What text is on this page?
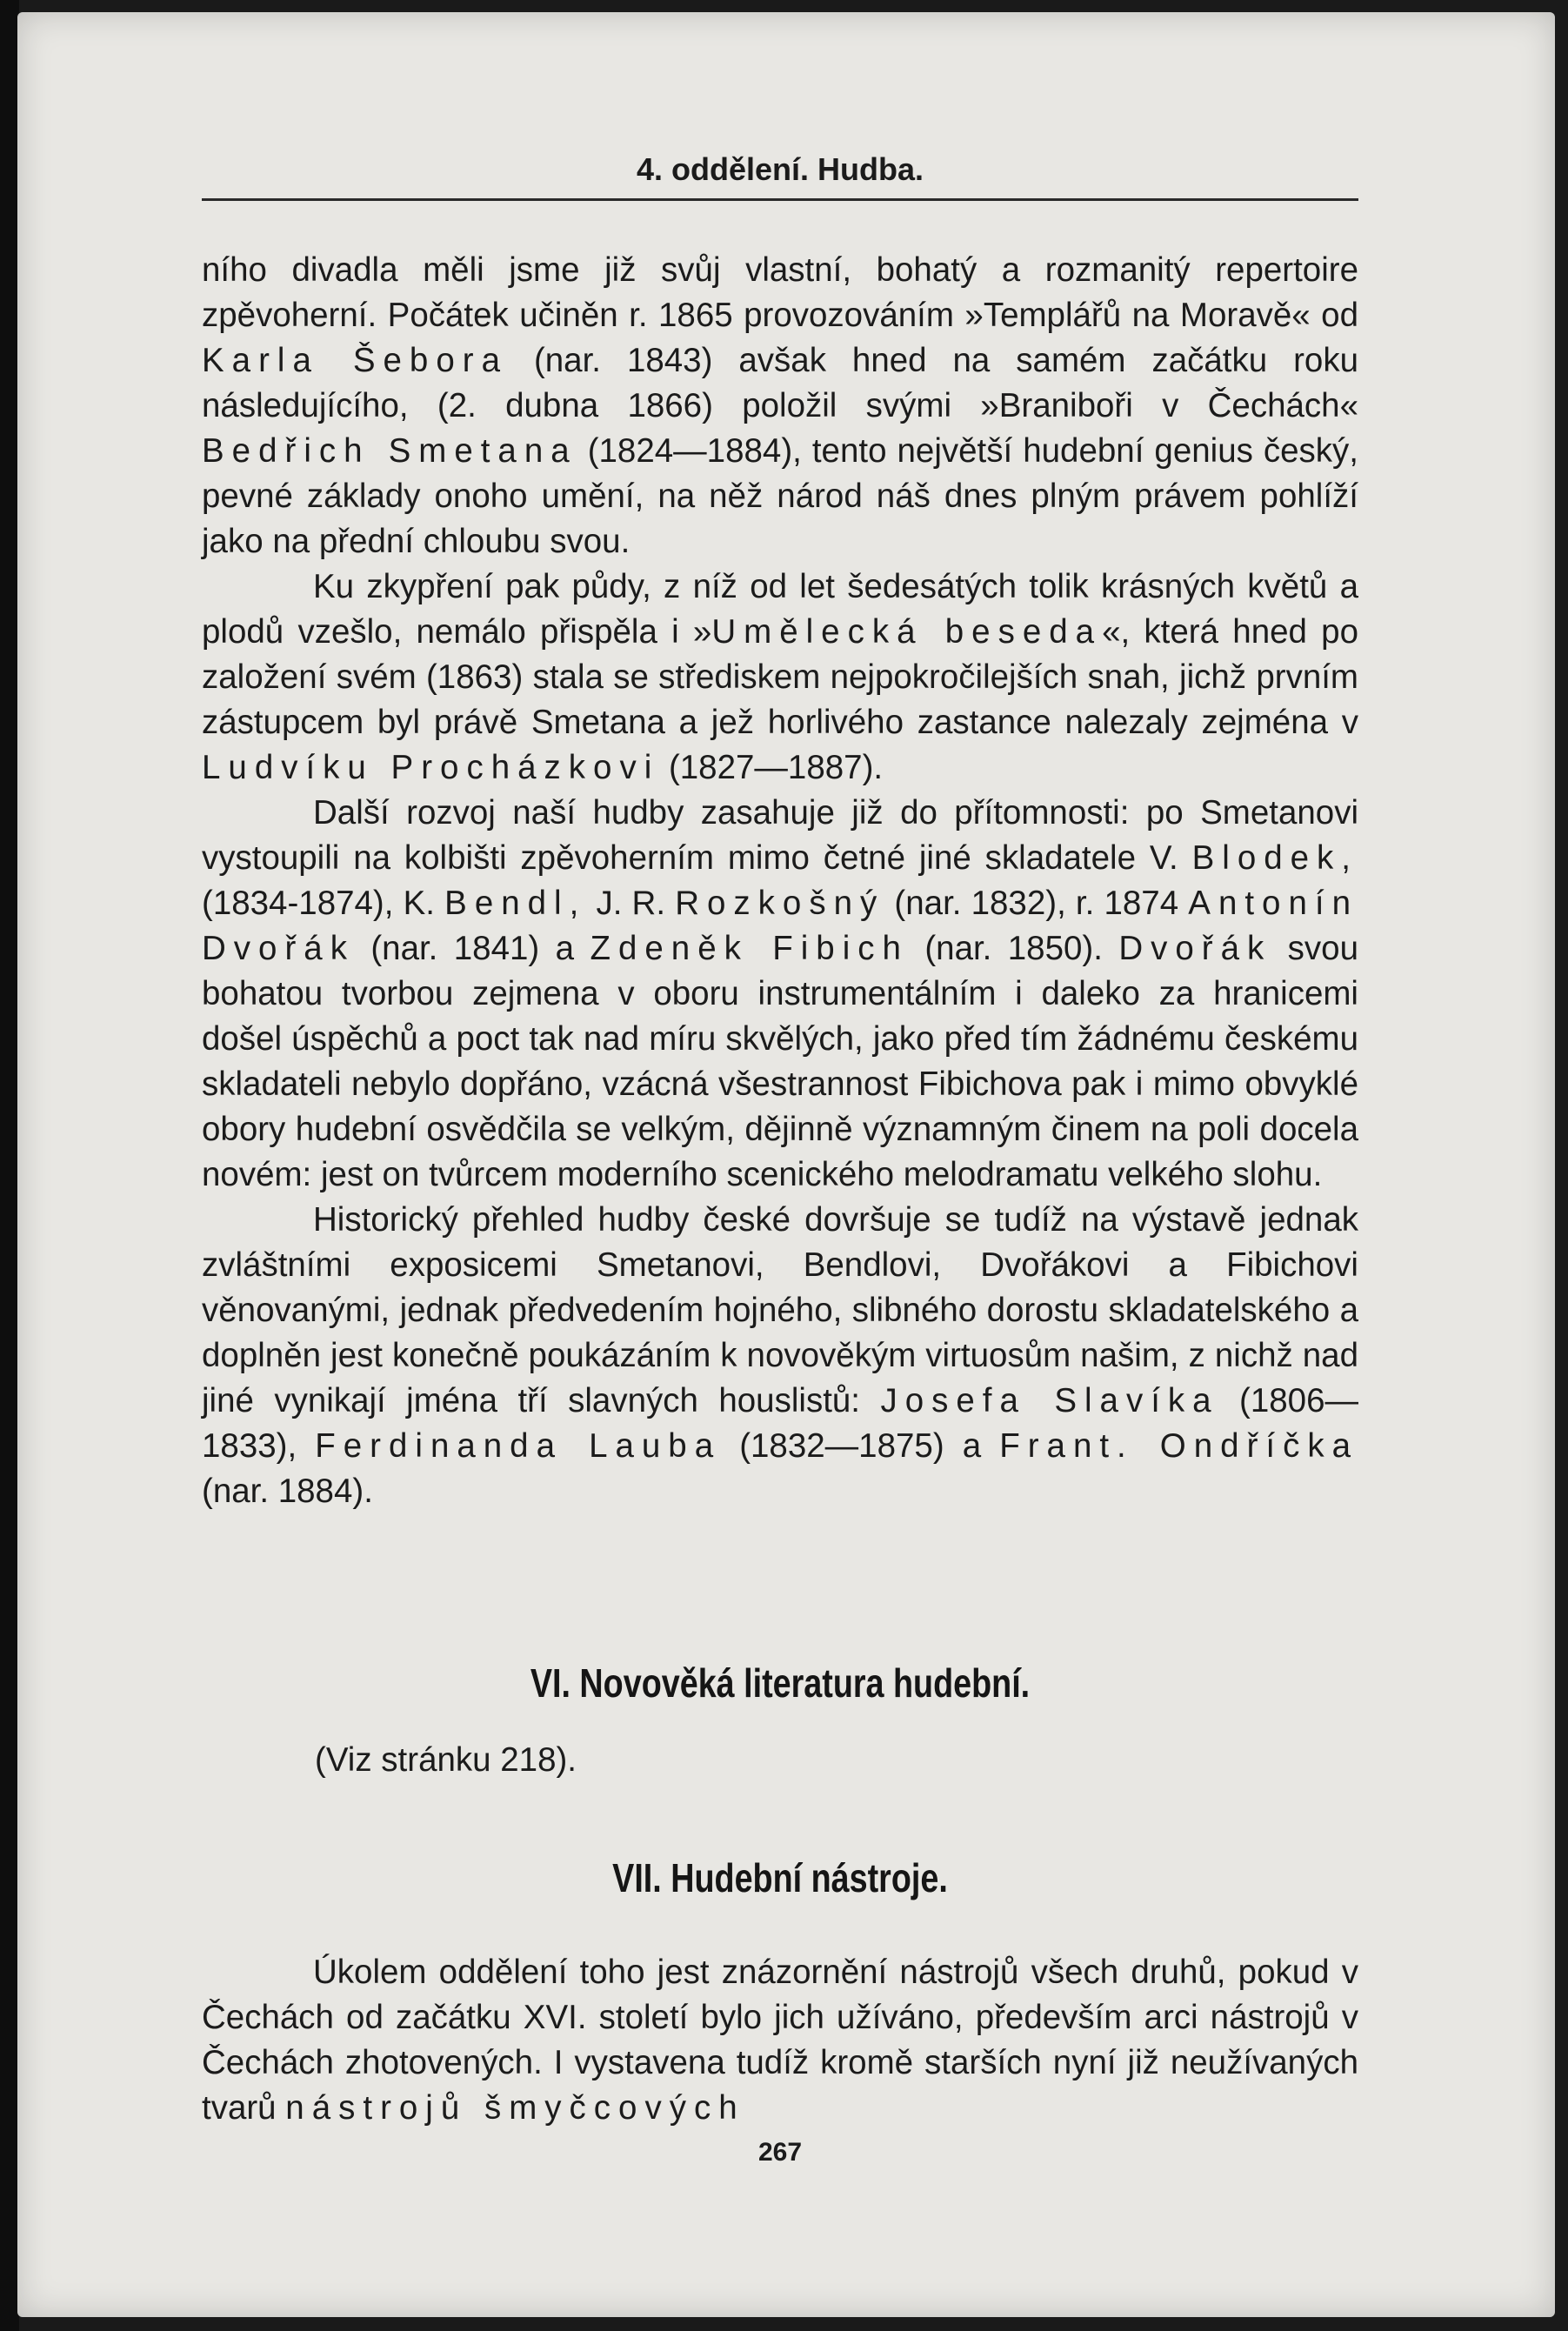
4. oddělení. Hudba.

ního divadla měli jsme již svůj vlastní, bohatý a rozmanitý repertoire zpěvoherní. Počátek učiněn r. 1865 provozováním »Templářů na Moravě« od Karla Šebora (nar. 1843) avšak hned na samém začátku roku následujícího, (2. dubna 1866) položil svými »Braniboři v Čechách« Bedřich Smetana (1824—1884), tento největší hudební genius český, pevné základy onoho umění, na něž národ náš dnes plným právem pohlíží jako na přední chloubu svou.

Ku zkypření pak půdy, z níž od let šedesátých tolik krásných květů a plodů vzešlo, nemálo přispěla i »Umělecká beseda«, která hned po založení svém (1863) stala se střediskem nejpokročilejších snah, jichž prvním zástupcem byl právě Smetana a jež horlivého zastance nalezaly zejména v Ludvíku Procházkovi (1827—1887).

Další rozvoj naší hudby zasahuje již do přítomnosti: po Smetanovi vystoupili na kolbišti zpěvoherním mimo četné jiné skladatele V. Blodek, (1834-1874), K. Bendl, J. R. Rozkošný (nar. 1832), r. 1874 Antonín Dvořák (nar. 1841) a Zdeněk Fibich (nar. 1850). Dvořák svou bohatou tvorbou zejmena v oboru instrumentálním i daleko za hranicemi došel úspěchů a poct tak nad míru skvělých, jako před tím žádnému českému skladateli nebylo dopřáno, vzácná všestrannost Fibichova pak i mimo obvyklé obory hudební osvědčila se velkým, dějinně významným činem na poli docela novém: jest on tvůrcem moderního scenického melodramatu velkého slohu.

Historický přehled hudby české dovršuje se tudíž na výstavě jednak zvláštními exposicemi Smetanovi, Bendlovi, Dvořákovi a Fibichovi věnovanými, jednak předvedením hojného, slibného dorostu skladatelského a doplněn jest konečně poukázáním k novověkým virtuosům našim, z nichž nad jiné vynikají jména tří slavných houslistů: Josefa Slavíka (1806—1833), Ferdinanda Lauba (1832—1875) a Frant. Ondříčka (nar. 1884).

VI. Novověká literatura hudební.
(Viz stránku 218).
VII. Hudební nástroje.

Úkolem oddělení toho jest znázornění nástrojů všech druhů, pokud v Čechách od začátku XVI. století bylo jich užíváno, především arci nástrojů v Čechách zhotovených. I vystavena tudíž kromě starších nyní již neužívaných tvarů nástrojů šmyčcových

267
